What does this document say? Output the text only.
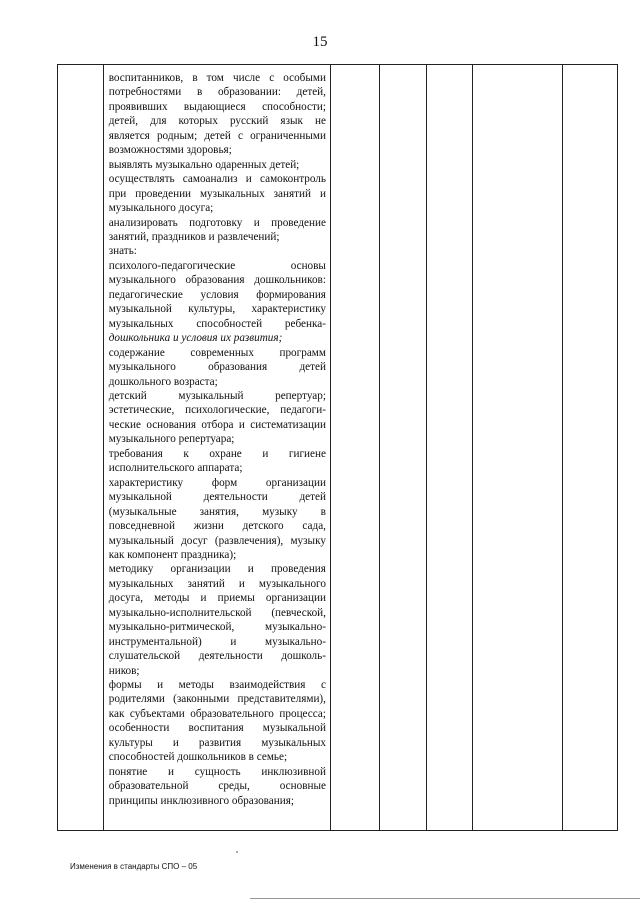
15

воспитанников, в том числе с особыми

потребностями в образовании: детей,

проявивших выдающиеся способности;

детей, для которых русский язык не

является родным; детей с ограниченными

возможностями здоровья;

выявлять музыкально одаренных детей;

осуществлять самоанализ и самоконтроль

при проведении музыкальных занятий и

музыкального досуга;

анализировать подготовку и проведение

занятий, праздников и развлечений;

знать:

психолого-педагогические основы

музыкального образования дошкольников:

педагогические условия формирования

музыкальной культуры, характеристику

музыкальных способностей ребенка-

дошкольника и условия их развития;

содержание современных программ

музыкального образования детей

дошкольного возраста;

детский музыкальный репертуар;

эстетические, психологические, педагоги-

ческие основания отбора и систематизации

музыкального репертуара;

требования к охране и гигиене

исполнительского аппарата;

характеристику форм организации

музыкальной деятельности детей

(музыкальные занятия, музыку в

повседневной жизни детского сада,

музыкальный досуг (развлечения), музыку

как компонент праздника);

методику организации и проведения

музыкальных занятий и музыкального

досуга, методы и приемы организации

музыкально-исполнительской (певческой,

музыкально-ритмической, музыкально-

инструментальной) и музыкально-

слушательской деятельности дошколь-

ников;

формы и методы взаимодействия с

родителями (законными представителями),

как субъектами образовательного процесса;

особенности воспитания музыкальной

культуры и развития музыкальных

способностей дошкольников в семье;

понятие и сущность инклюзивной

образовательной среды, основные

принципы инклюзивного образования;

Изменения в стандарты СПО – 05
